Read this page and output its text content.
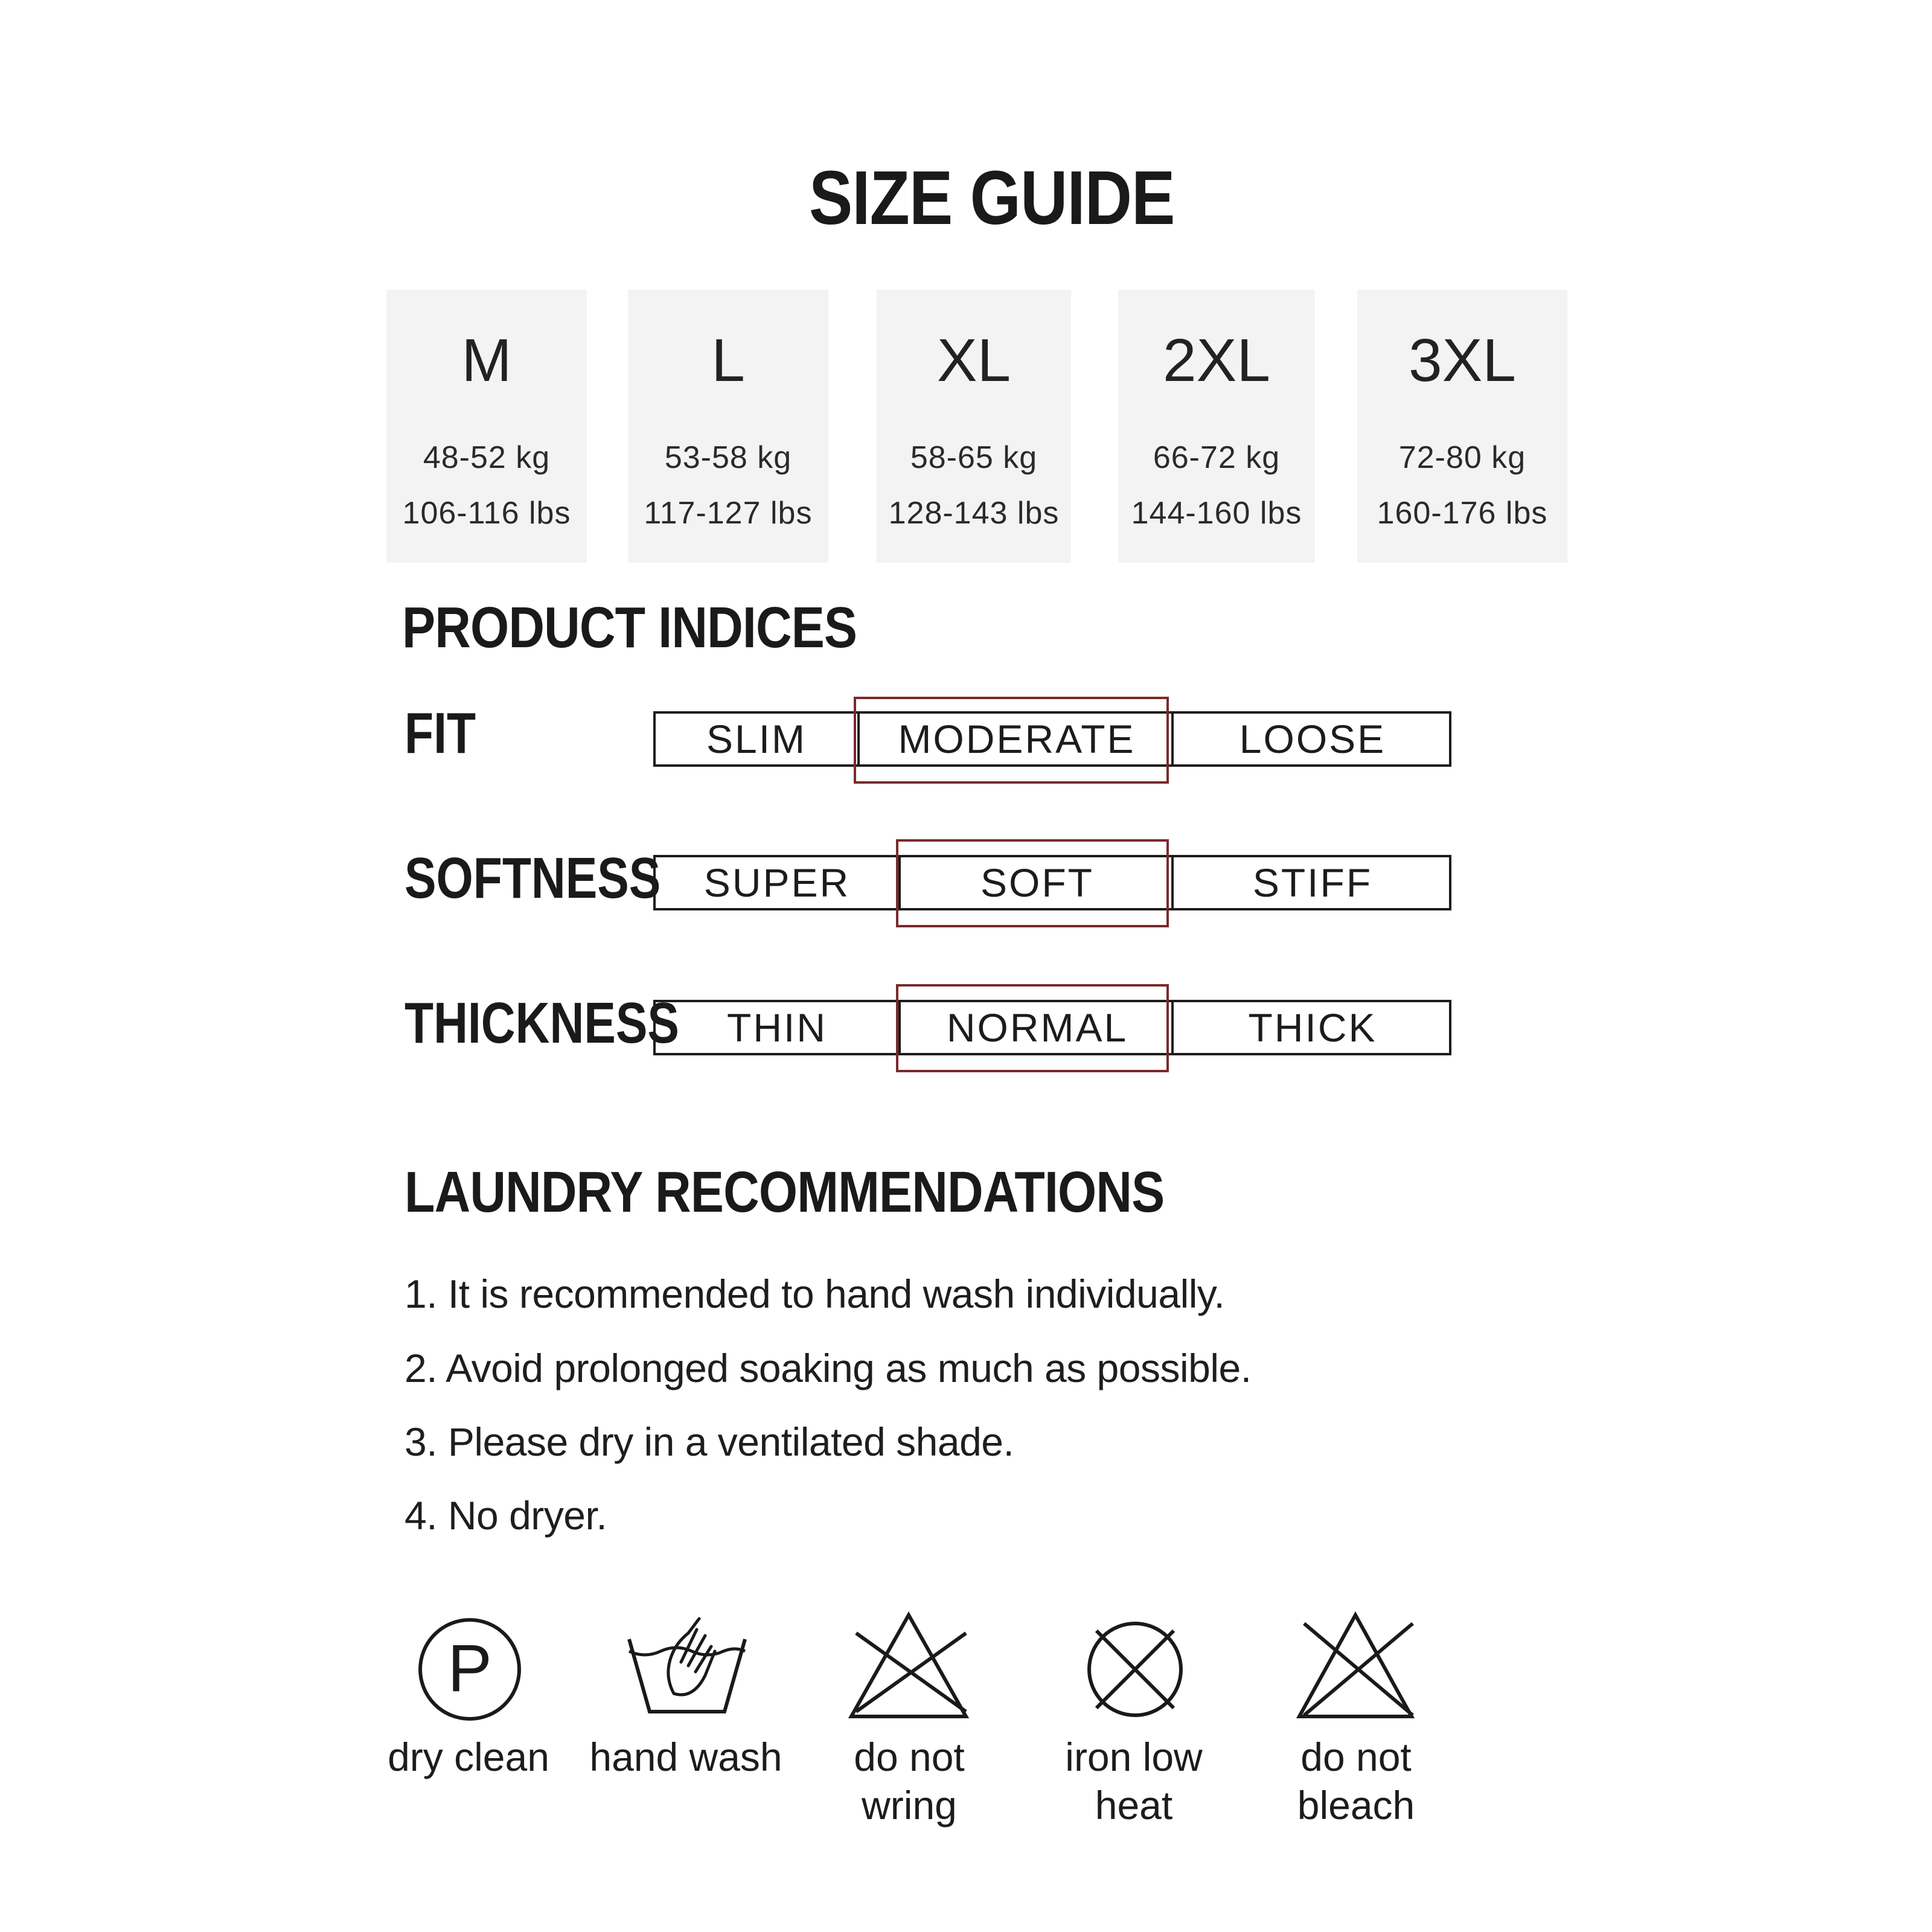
SIZE GUIDE
M
48-52 kg
106-116 lbs
L
53-58 kg
117-127 lbs
XL
58-65 kg
128-143 lbs
2XL
66-72 kg
144-160 lbs
3XL
72-80 kg
160-176 lbs
PRODUCT INDICES
FIT	SLIM	MODERATE	LOOSE
SOFTNESS	SUPER	SOFT	STIFF
THICKNESS	THIN	NORMAL	THICK
LAUNDRY RECOMMENDATIONS
1. It is recommended to hand wash individually.
2. Avoid prolonged soaking as much as possible.
3. Please dry in a ventilated shade.
4. No dryer.
P
dry clean	hand wash	do not
wring
iron low
heat
do not
bleach
